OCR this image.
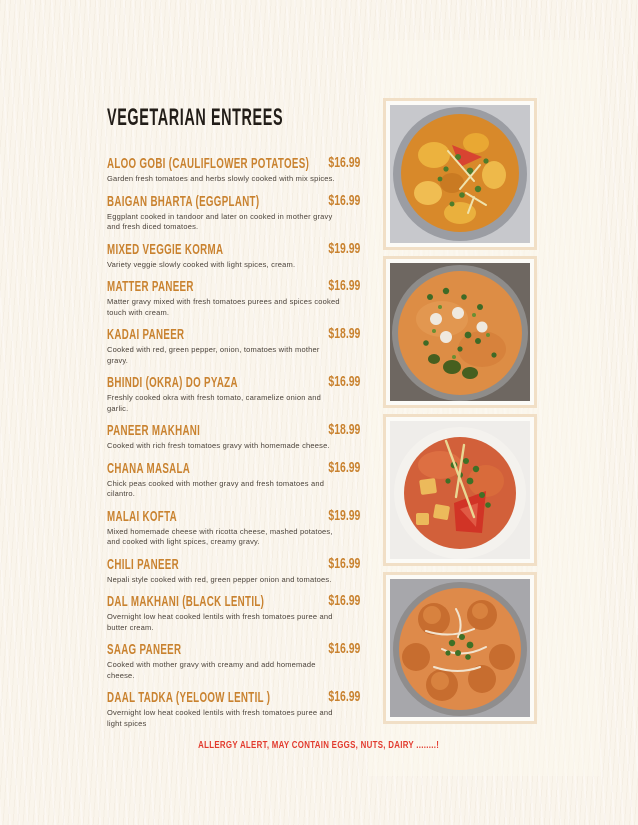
VEGETARIAN ENTREES
ALOO GOBI (CAULIFLOWER POTATOES)	$16.99
Garden fresh tomatoes and herbs slowly cooked with mix spices.
BAIGAN BHARTA (EGGPLANT)	$16.99
Eggplant cooked in tandoor and later on cooked in mother gravy and fresh diced tomatoes.
MIXED VEGGIE KORMA	$19.99
Variety veggie slowly cooked with light spices, cream.
MATTER PANEER	$16.99
Matter gravy mixed with fresh tomatoes purees and spices cooked touch with cream.
KADAI PANEER	$18.99
Cooked with red, green pepper, onion, tomatoes with mother gravy.
BHINDI (OKRA) DO PYAZA	$16.99
Freshly cooked okra with fresh tomato, caramelize onion and garlic.
PANEER MAKHANI	$18.99
Cooked with rich fresh tomatoes gravy with homemade cheese.
CHANA MASALA	$16.99
Chick peas cooked with mother gravy and fresh tomatoes and cilantro.
MALAI KOFTA	$19.99
Mixed homemade cheese with ricotta cheese, mashed potatoes, and cooked with light spices, creamy gravy.
CHILI PANEER	$16.99
Nepali style cooked with red, green pepper onion and tomatoes.
DAL MAKHANI (BLACK LENTIL)	$16.99
Overnight low heat cooked lentils with fresh tomatoes puree and butter cream.
SAAG PANEER	$16.99
Cooked with mother gravy with creamy and add homemade cheese.
DAAL TADKA (YELOOW LENTIL )	$16.99
Overnight low heat cooked lentils with fresh tomatoes puree and light spices
ALLERGY ALERT, MAY CONTAIN EGGS, NUTS, DAIRY ........!
